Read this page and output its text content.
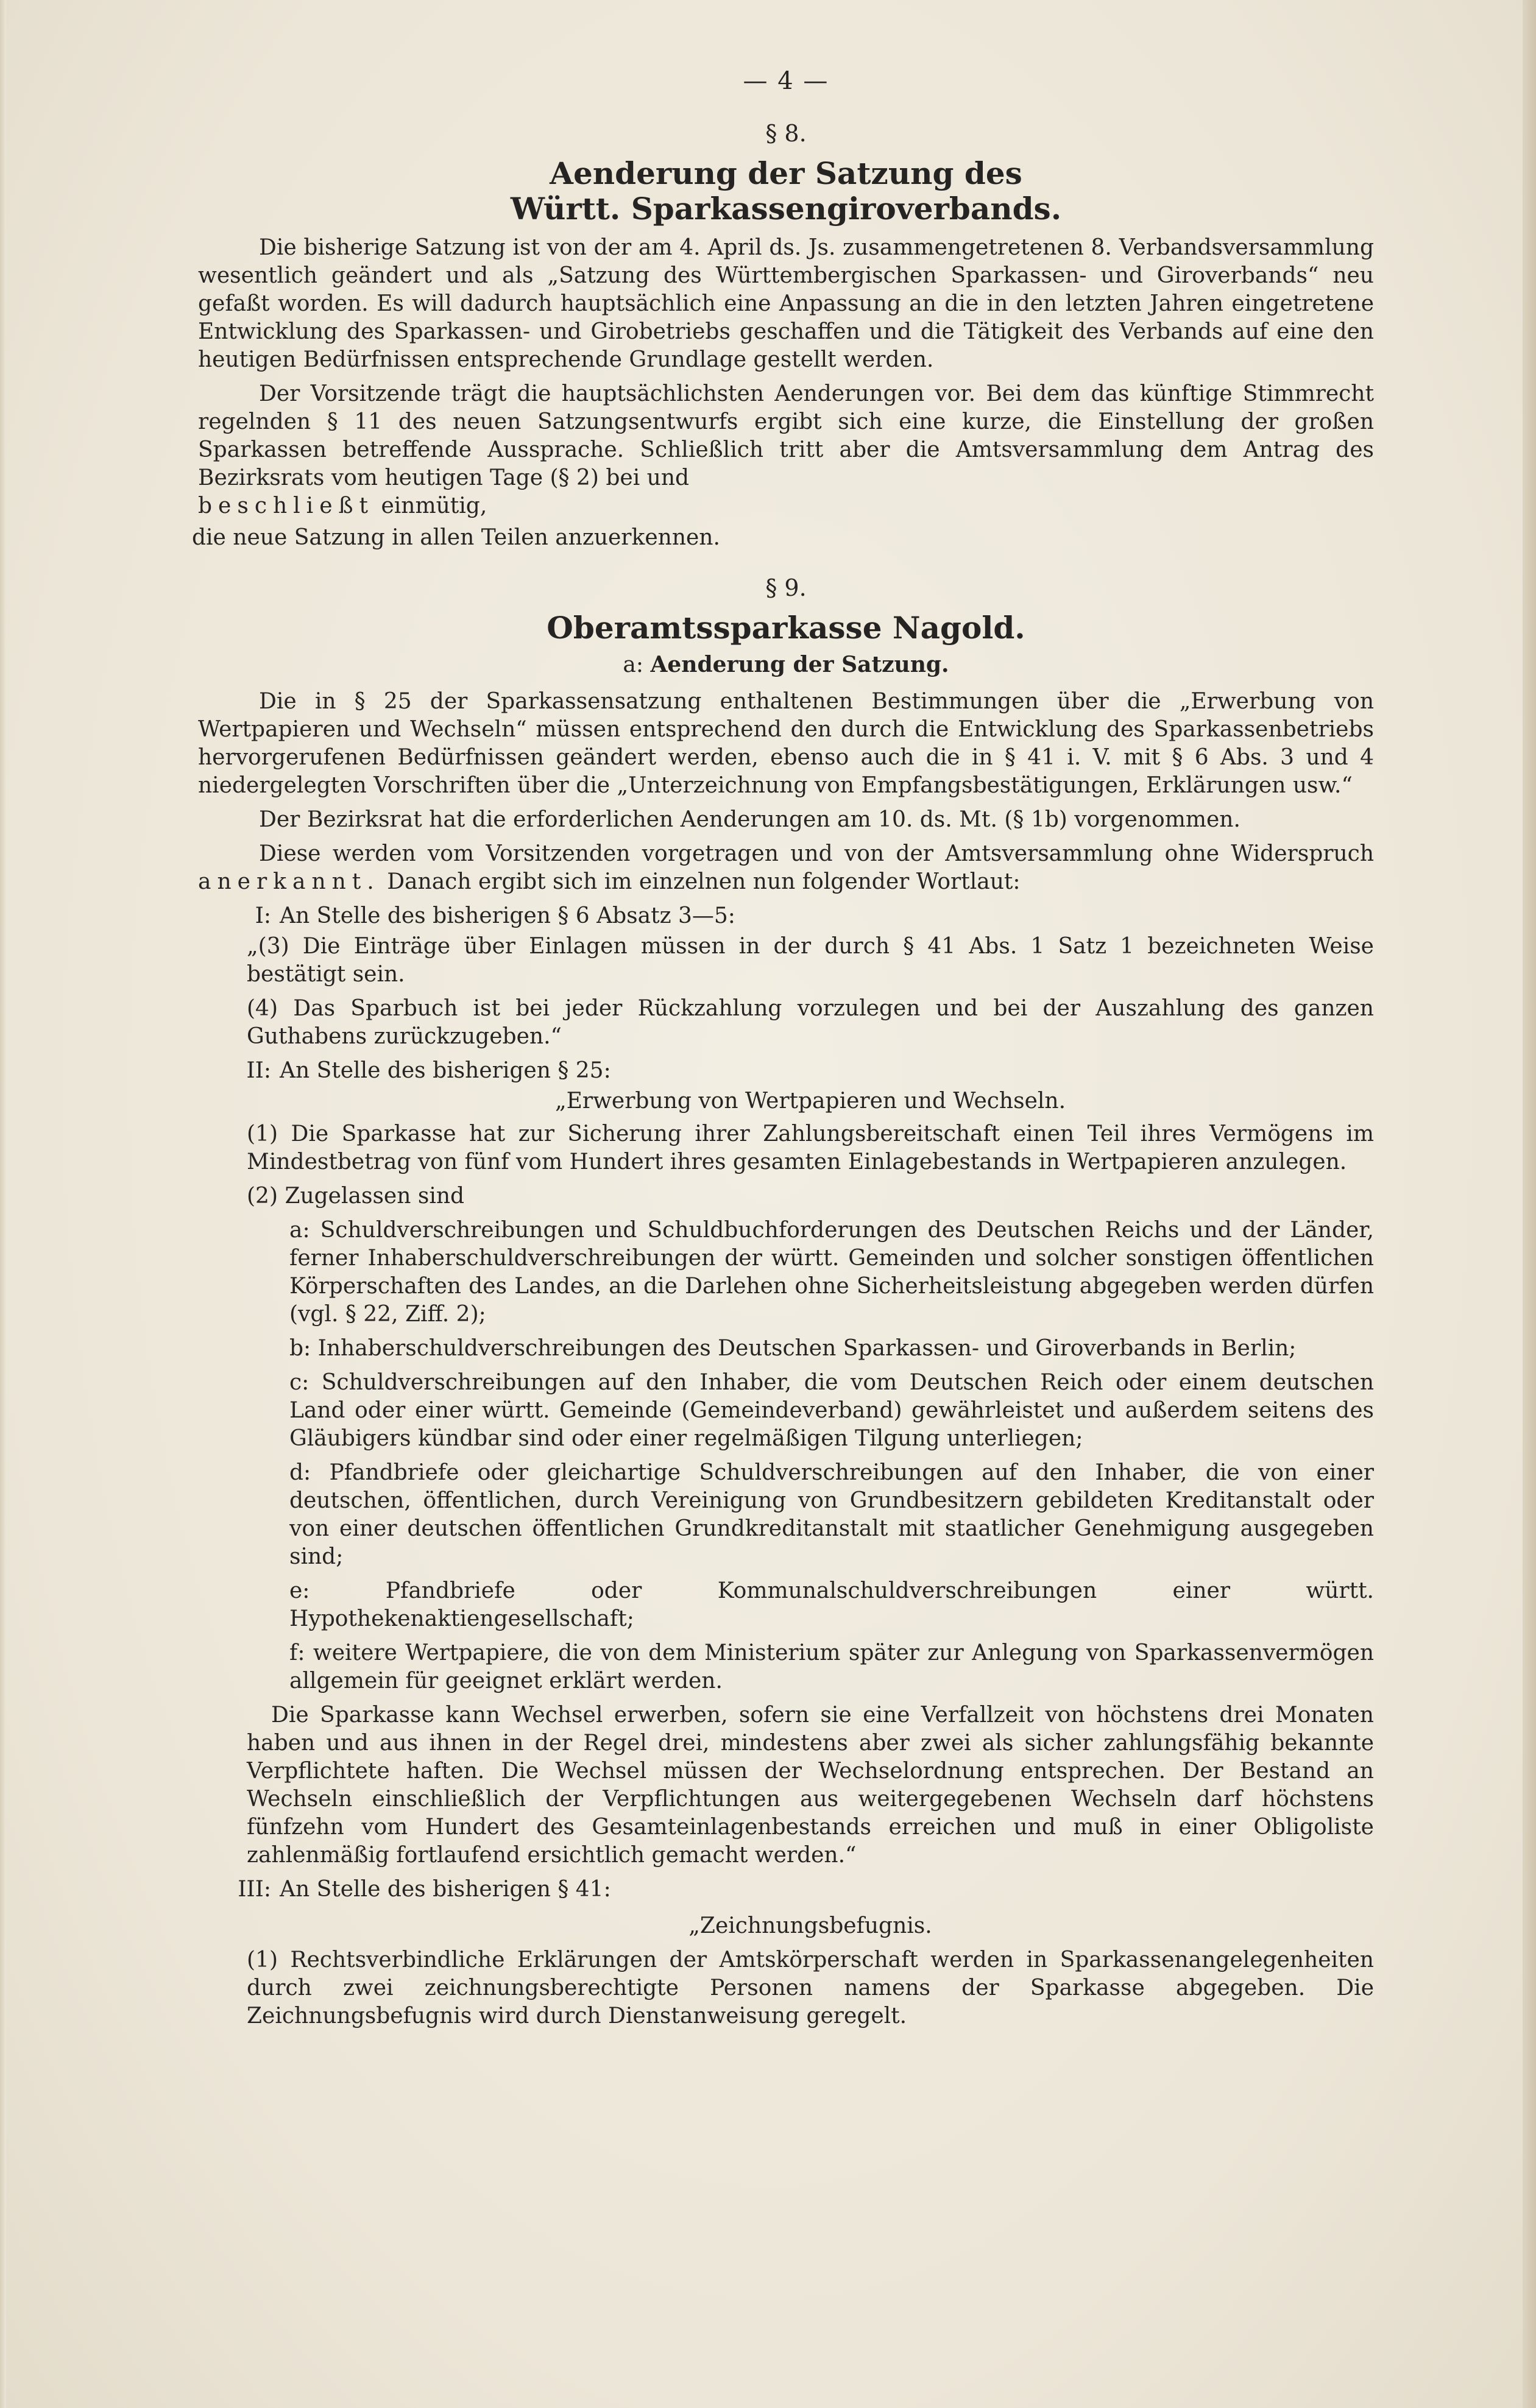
— 4 —
§ 8.
Aenderung der Satzung des
Württ. Sparkassengiroverbands.

Die bisherige Satzung ist von der am 4. April ds. Js. zusammengetretenen 8. Verbandsversammlung wesentlich geändert und als „Satzung des Württembergischen Sparkassen- und Giroverbands“ neu gefaßt worden. Es will dadurch hauptsächlich eine Anpassung an die in den letzten Jahren eingetretene Entwicklung des Sparkassen- und Girobetriebs geschaffen und die Tätigkeit des Verbands auf eine den heutigen Bedürfnissen entsprechende Grundlage gestellt werden.

Der Vorsitzende trägt die hauptsächlichsten Aenderungen vor. Bei dem das künftige Stimmrecht regelnden § 11 des neuen Satzungsentwurfs ergibt sich eine kurze, die Einstellung der großen Sparkassen betreffende Aussprache. Schließlich tritt aber die Amtsversammlung dem Antrag des Bezirksrats vom heutigen Tage (§ 2) bei und
beschließt einmütig,

die neue Satzung in allen Teilen anzuerkennen.

§ 9.
Oberamtssparkasse Nagold.
a: Aenderung der Satzung.

Die in § 25 der Sparkassensatzung enthaltenen Bestimmungen über die „Erwerbung von Wertpapieren und Wechseln“ müssen entsprechend den durch die Entwicklung des Sparkassenbetriebs hervorgerufenen Bedürfnissen geändert werden, ebenso auch die in § 41 i. V. mit § 6 Abs. 3 und 4 niedergelegten Vorschriften über die „Unterzeichnung von Empfangsbestätigungen, Erklärungen usw.“

Der Bezirksrat hat die erforderlichen Aenderungen am 10. ds. Mt. (§ 1b) vorgenommen.

Diese werden vom Vorsitzenden vorgetragen und von der Amtsversammlung ohne Widerspruch anerkannt. Danach ergibt sich im einzelnen nun folgender Wortlaut:

I: An Stelle des bisherigen § 6 Absatz 3—5:

„(3) Die Einträge über Einlagen müssen in der durch § 41 Abs. 1 Satz 1 bezeichneten Weise bestätigt sein.

(4) Das Sparbuch ist bei jeder Rückzahlung vorzulegen und bei der Auszahlung des ganzen Guthabens zurückzugeben.“

II: An Stelle des bisherigen § 25:
„Erwerbung von Wertpapieren und Wechseln.

(1) Die Sparkasse hat zur Sicherung ihrer Zahlungsbereitschaft einen Teil ihres Vermögens im Mindestbetrag von fünf vom Hundert ihres gesamten Einlagebestands in Wertpapieren anzulegen.

(2) Zugelassen sind

a: Schuldverschreibungen und Schuldbuchforderungen des Deutschen Reichs und der Länder, ferner Inhaberschuldverschreibungen der württ. Gemeinden und solcher sonstigen öffentlichen Körperschaften des Landes, an die Darlehen ohne Sicherheitsleistung abgegeben werden dürfen (vgl. § 22, Ziff. 2);

b: Inhaberschuldverschreibungen des Deutschen Sparkassen- und Giroverbands in Berlin;

c: Schuldverschreibungen auf den Inhaber, die vom Deutschen Reich oder einem deutschen Land oder einer württ. Gemeinde (Gemeindeverband) gewährleistet und außerdem seitens des Gläubigers kündbar sind oder einer regelmäßigen Tilgung unterliegen;

d: Pfandbriefe oder gleichartige Schuldverschreibungen auf den Inhaber, die von einer deutschen, öffentlichen, durch Vereinigung von Grundbesitzern gebildeten Kreditanstalt oder von einer deutschen öffentlichen Grundkreditanstalt mit staatlicher Genehmigung ausgegeben sind;

e: Pfandbriefe oder Kommunalschuldverschreibungen einer württ. Hypothekenaktiengesellschaft;

f: weitere Wertpapiere, die von dem Ministerium später zur Anlegung von Sparkassenvermögen allgemein für geeignet erklärt werden.

Die Sparkasse kann Wechsel erwerben, sofern sie eine Verfallzeit von höchstens drei Monaten haben und aus ihnen in der Regel drei, mindestens aber zwei als sicher zahlungsfähig bekannte Verpflichtete haften. Die Wechsel müssen der Wechselordnung entsprechen. Der Bestand an Wechseln einschließlich der Verpflichtungen aus weitergegebenen Wechseln darf höchstens fünfzehn vom Hundert des Gesamteinlagenbestands erreichen und muß in einer Obligoliste zahlenmäßig fortlaufend ersichtlich gemacht werden.“

III: An Stelle des bisherigen § 41:
„Zeichnungsbefugnis.

(1) Rechtsverbindliche Erklärungen der Amtskörperschaft werden in Sparkassenangelegenheiten durch zwei zeichnungsberechtigte Personen namens der Sparkasse abgegeben. Die Zeichnungsbefugnis wird durch Dienstanweisung geregelt.
